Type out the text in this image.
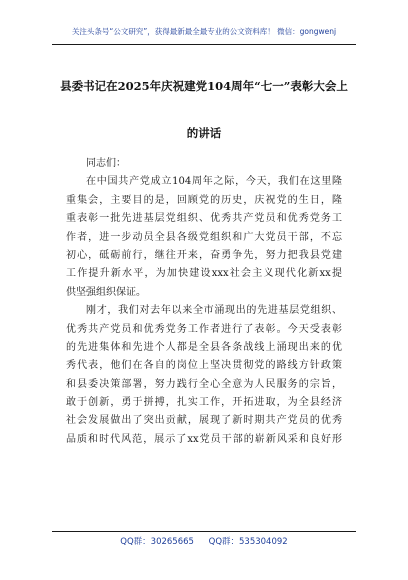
关注头条号“公文研究”，获得最新最全最专业的公文资料库！ 微信：gongwenj
县委书记在2025年庆祝建党104周年“七一”表彰大会上
的讲话
同志们：
在中国共产党成立104周年之际，今天，我们在这里隆
重集会，主要目的是，回顾党的历史，庆祝党的生日，隆
重表彰一批先进基层党组织、优秀共产党员和优秀党务工
作者，进一步动员全县各级党组织和广大党员干部，不忘
初心，砥砺前行，继往开来，奋勇争先，努力把我县党建
工作提升新水平，为加快建设xxx社会主义现代化新xx提
供坚强组织保证。
刚才，我们对去年以来全市涌现出的先进基层党组织、
优秀共产党员和优秀党务工作者进行了表彰。今天受表彰
的先进集体和先进个人都是全县各条战线上涌现出来的优
秀代表，他们在各自的岗位上坚决贯彻党的路线方针政策
和县委决策部署，努力践行全心全意为人民服务的宗旨，
敢于创新，勇于拼搏，扎实工作，开拓进取，为全县经济
社会发展做出了突出贡献，展现了新时期共产党员的优秀
品质和时代风范，展示了xx党员干部的崭新风采和良好形
QQ群：30265665 QQ群：535304092
